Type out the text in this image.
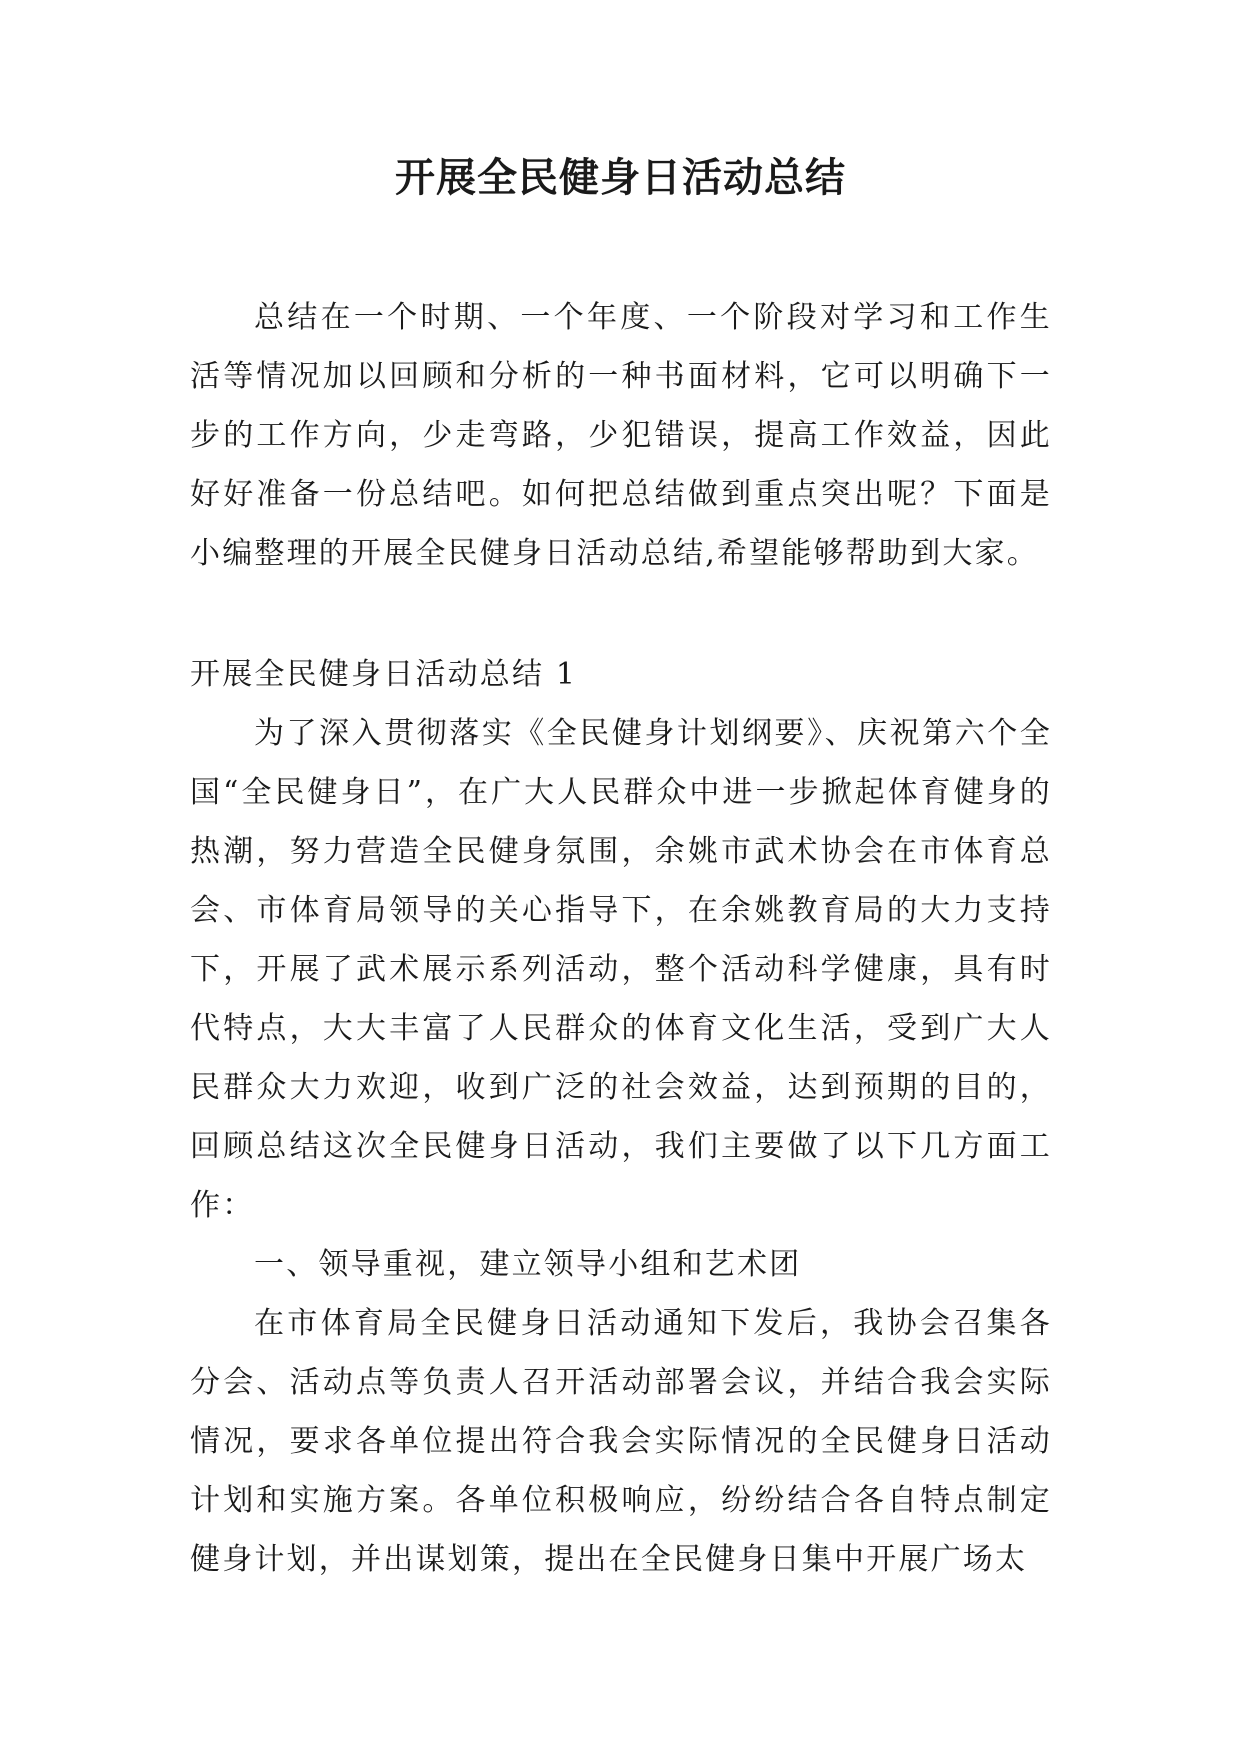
开展全民健身日活动总结

总结在一个时期、一个年度、一个阶段对学习和工作生活等情况加以回顾和分析的一种书面材料，它可以明确下一步的工作方向，少走弯路，少犯错误，提高工作效益，因此好好准备一份总结吧。如何把总结做到重点突出呢？下面是小编整理的开展全民健身日活动总结,希望能够帮助到大家。

开展全民健身日活动总结 1

为了深入贯彻落实《全民健身计划纲要》、庆祝第六个全国“全民健身日”，在广大人民群众中进一步掀起体育健身的热潮，努力营造全民健身氛围，余姚市武术协会在市体育总会、市体育局领导的关心指导下，在余姚教育局的大力支持下，开展了武术展示系列活动，整个活动科学健康，具有时代特点，大大丰富了人民群众的体育文化生活，受到广大人民群众大力欢迎，收到广泛的社会效益，达到预期的目的，回顾总结这次全民健身日活动，我们主要做了以下几方面工作：

一、领导重视，建立领导小组和艺术团

在市体育局全民健身日活动通知下发后，我协会召集各分会、活动点等负责人召开活动部署会议，并结合我会实际情况，要求各单位提出符合我会实际情况的全民健身日活动计划和实施方案。各单位积极响应，纷纷结合各自特点制定健身计划，并出谋划策，提出在全民健身日集中开展广场太
